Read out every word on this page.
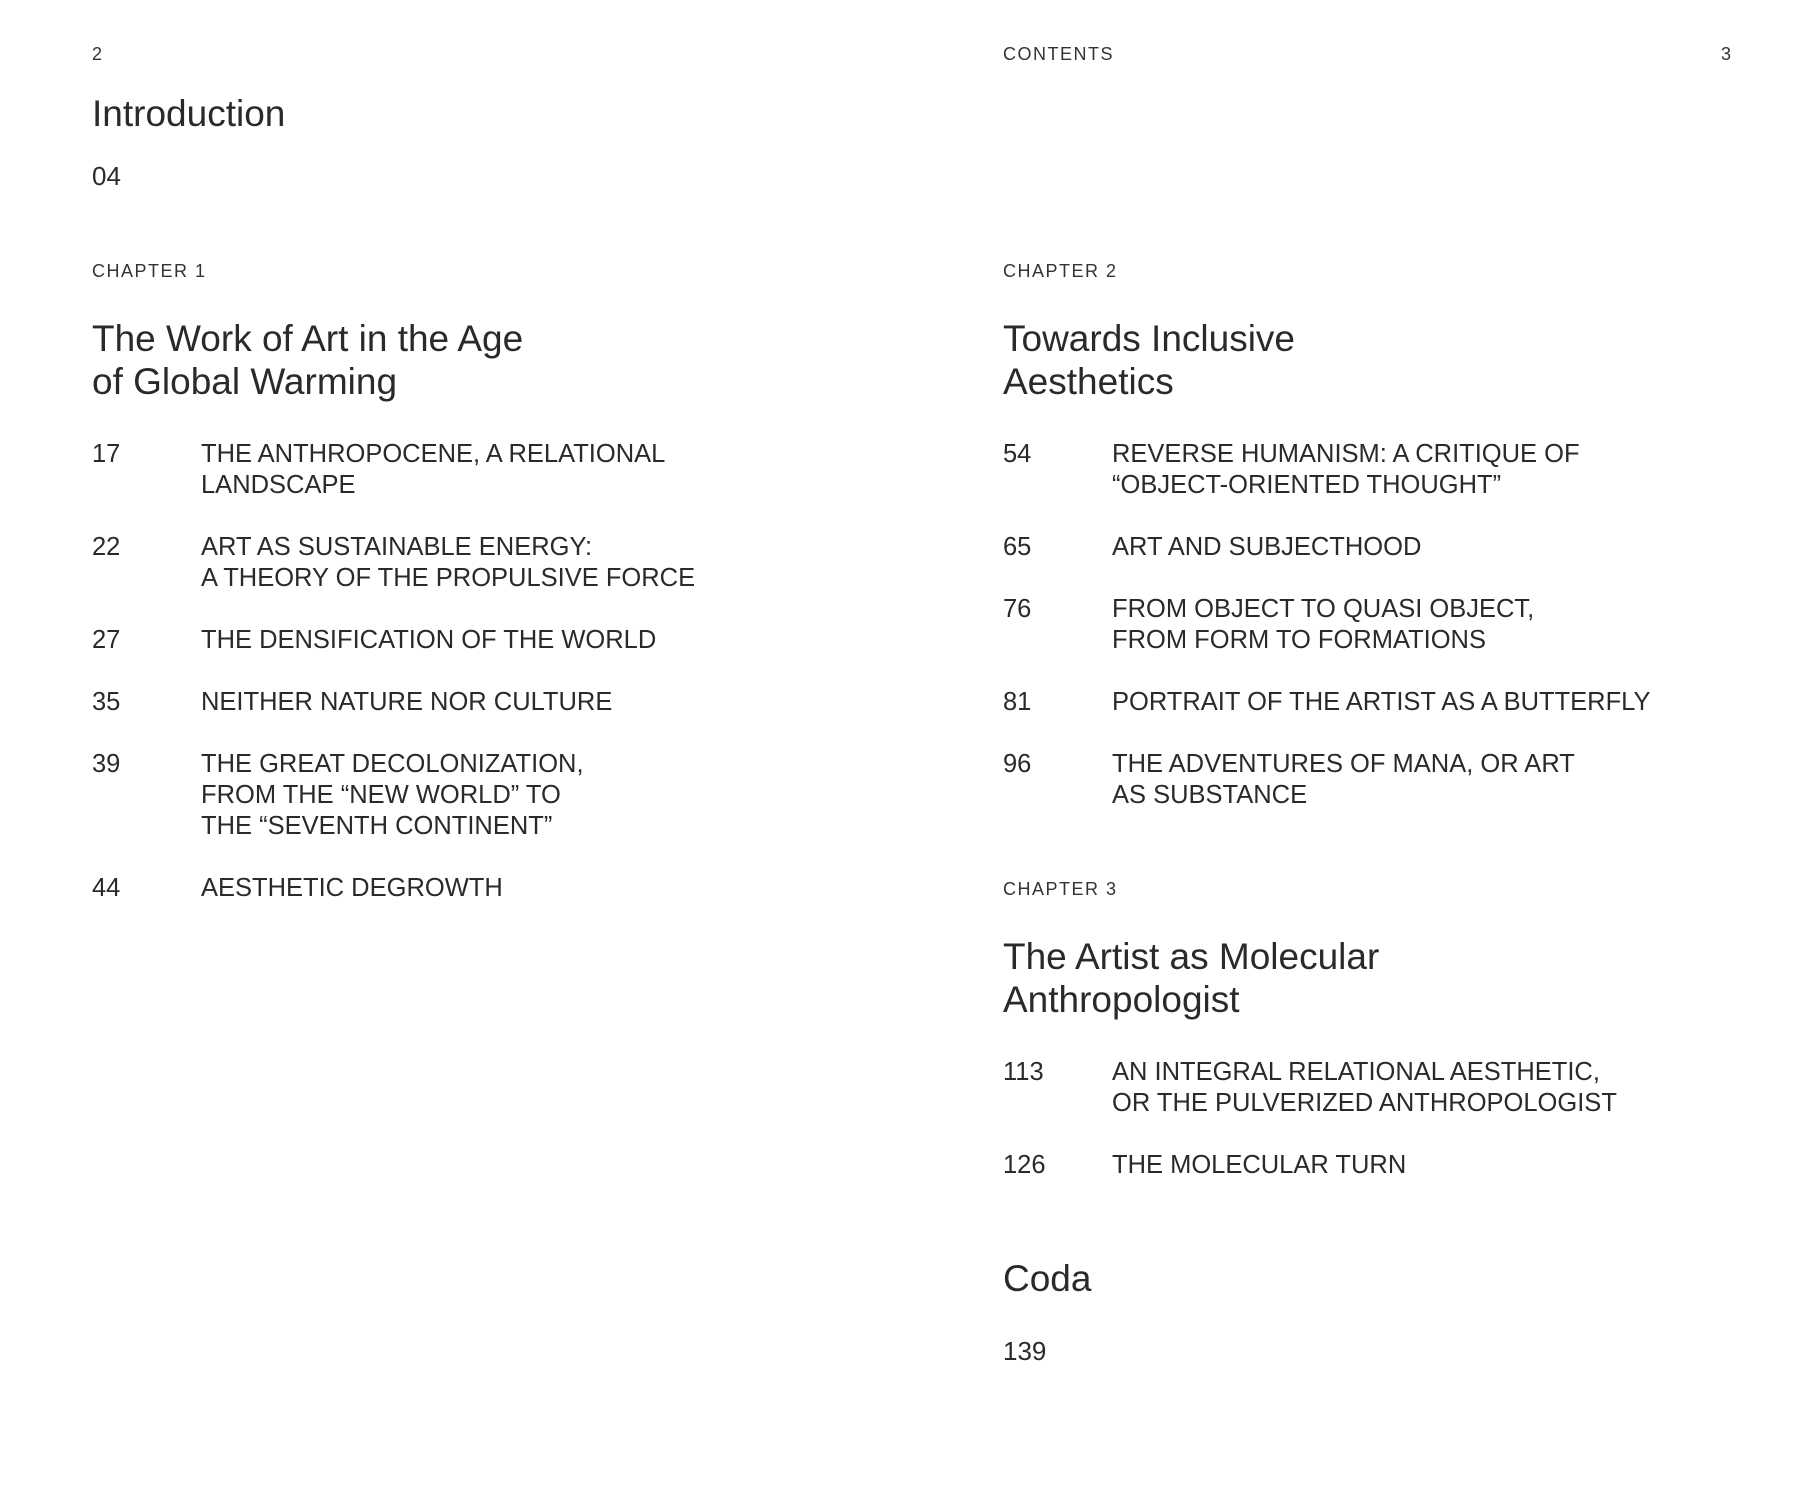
2	CONTENTS	3
Introduction
04
CHAPTER 1
The Work of Art in the Age
of Global Warming
17	THE ANTHROPOCENE, A RELATIONAL
LANDSCAPE
22	ART AS SUSTAINABLE ENERGY:
A THEORY OF THE PROPULSIVE FORCE
27	THE DENSIFICATION OF THE WORLD
35	NEITHER NATURE NOR CULTURE
39	THE GREAT DECOLONIZATION,
FROM THE “NEW WORLD” TO
THE “SEVENTH CONTINENT”
44	AESTHETIC DEGROWTH
CHAPTER 2
Towards Inclusive
Aesthetics
54	REVERSE HUMANISM: A CRITIQUE OF
“OBJECT-ORIENTED THOUGHT”
65	ART AND SUBJECTHOOD
76	FROM OBJECT TO QUASI OBJECT,
FROM FORM TO FORMATIONS
81	PORTRAIT OF THE ARTIST AS A BUTTERFLY
96	THE ADVENTURES OF MANA, OR ART
AS SUBSTANCE
CHAPTER 3
The Artist as Molecular
Anthropologist
113	AN INTEGRAL RELATIONAL AESTHETIC,
OR THE PULVERIZED ANTHROPOLOGIST
126	THE MOLECULAR TURN
Coda
139
